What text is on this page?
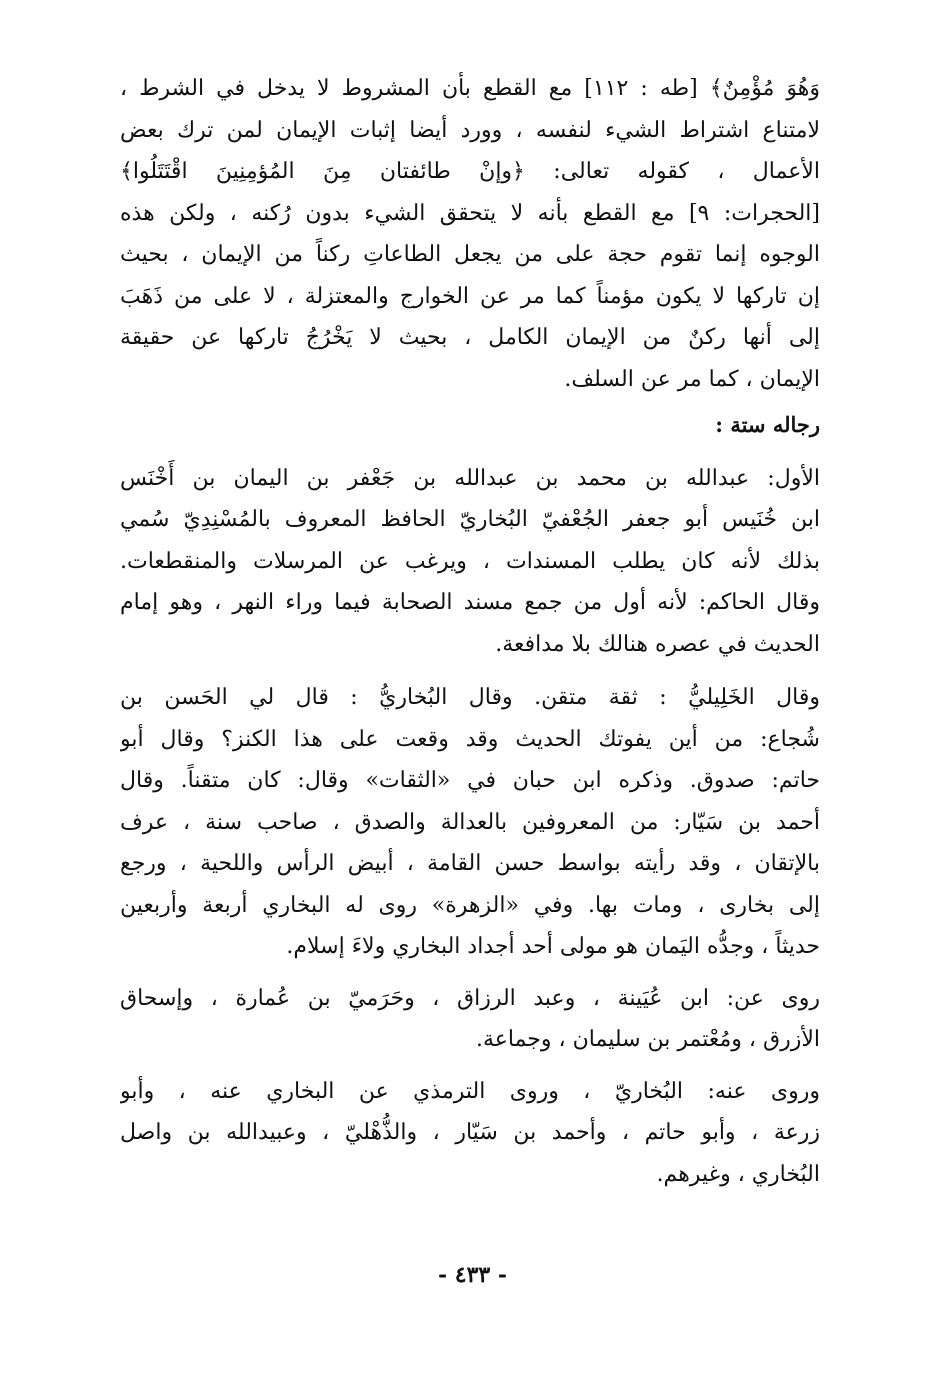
وَهُوَ مُؤْمِنٌ﴾ [طه : ١١٢] مع القطع بأن المشروط لا يدخل في الشرط ،
لامتناع اشتراط الشيء لنفسه ، وورد أيضا إثبات الإيمان لمن ترك بعض
الأعمال ، كقوله تعالى: ﴿وإنْ طائفتان مِنَ المُؤمِنِينَ اقْتَتَلُوا﴾
[الحجرات: ٩] مع القطع بأنه لا يتحقق الشيء بدون رُكنه ، ولكن هذه
الوجوه إنما تقوم حجة على من يجعل الطاعاتِ ركناً من الإيمان ، بحيث
إن تاركها لا يكون مؤمناً كما مر عن الخوارج والمعتزلة ، لا على من ذَهَبَ
إلى أنها ركنٌ من الإيمان الكامل ، بحيث لا يَخْرُجُ تاركها عن حقيقة
الإيمان ، كما مر عن السلف.
رجاله ستة :
الأول: عبدالله بن محمد بن عبدالله بن جَعْفر بن اليمان بن أَخْنَس
ابن خُنَيس أبو جعفر الجُعْفيّ البُخاريّ الحافظ المعروف بالمُسْنِدِيّ سُمي
بذلك لأنه كان يطلب المسندات ، ويرغب عن المرسلات والمنقطعات.
وقال الحاكم: لأنه أول من جمع مسند الصحابة فيما وراء النهر ، وهو إمام
الحديث في عصره هنالك بلا مدافعة.
وقال الخَلِيليُّ : ثقة متقن. وقال البُخاريُّ : قال لي الحَسن بن
شُجاع: من أين يفوتك الحديث وقد وقعت على هذا الكنز؟ وقال أبو
حاتم: صدوق. وذكره ابن حبان في «الثقات» وقال: كان متقناً. وقال
أحمد بن سَيّار: من المعروفين بالعدالة والصدق ، صاحب سنة ، عرف
بالإتقان ، وقد رأيته بواسط حسن القامة ، أبيض الرأس واللحية ، ورجع
إلى بخارى ، ومات بها. وفي «الزهرة» روى له البخاري أربعة وأربعين
حديثاً ، وجدُّه اليَمان هو مولى أحد أجداد البخاري ولاءَ إسلام.
روى عن: ابن عُيَينة ، وعبد الرزاق ، وحَرَميّ بن عُمارة ، وإسحاق
الأزرق ، ومُعْتمر بن سليمان ، وجماعة.
وروى عنه: البُخاريّ ، وروى الترمذي عن البخاري عنه ، وأبو
زرعة ، وأبو حاتم ، وأحمد بن سَيّار ، والذُّهْليّ ، وعبيدالله بن واصل
البُخاري ، وغيرهم.
- ٤٣٣ -
